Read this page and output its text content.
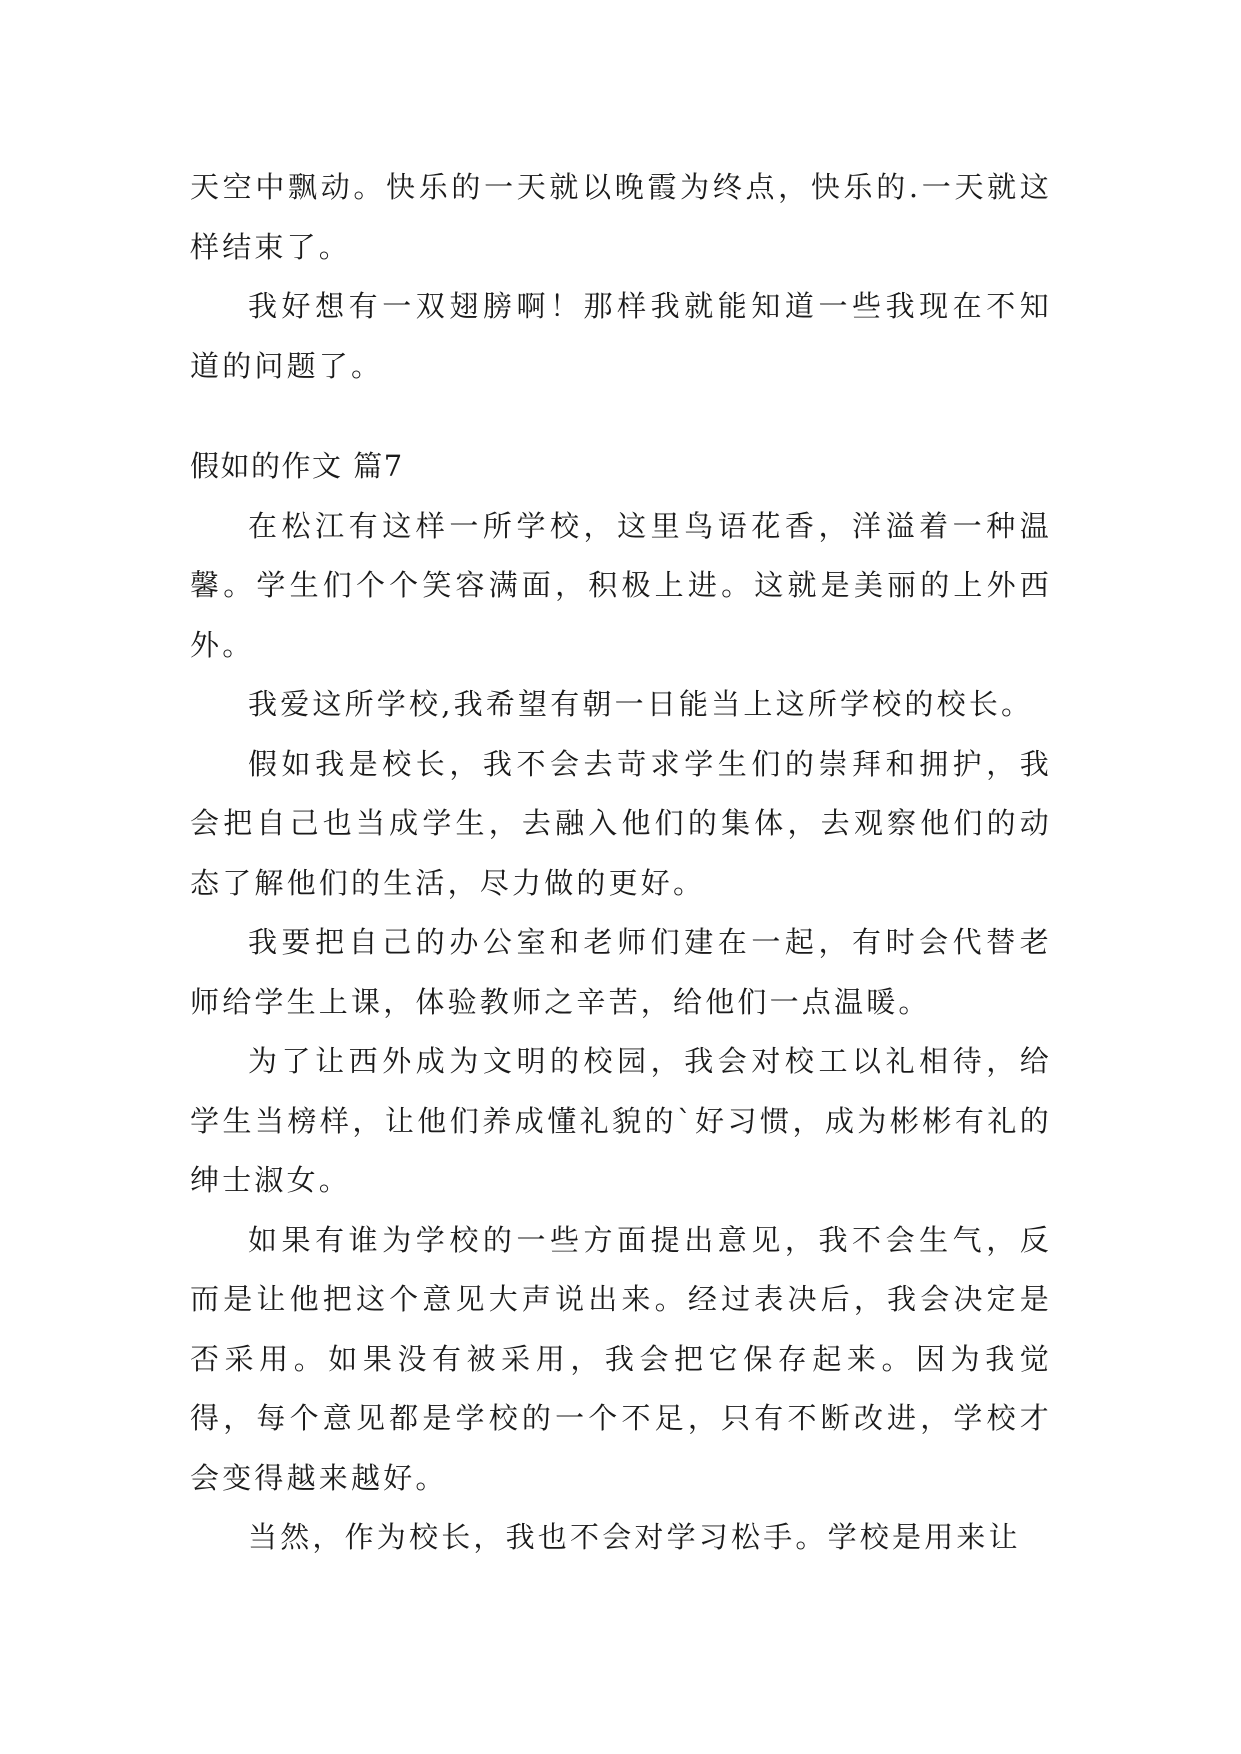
天空中飘动。快乐的一天就以晚霞为终点，快乐的.一天就这样结束了。

我好想有一双翅膀啊！那样我就能知道一些我现在不知道的问题了。

假如的作文 篇7

在松江有这样一所学校，这里鸟语花香，洋溢着一种温馨。学生们个个笑容满面，积极上进。这就是美丽的上外西外。

我爱这所学校,我希望有朝一日能当上这所学校的校长。

假如我是校长，我不会去苛求学生们的崇拜和拥护，我会把自己也当成学生，去融入他们的集体，去观察他们的动态了解他们的生活，尽力做的更好。

我要把自己的办公室和老师们建在一起，有时会代替老师给学生上课，体验教师之辛苦，给他们一点温暖。

为了让西外成为文明的校园，我会对校工以礼相待，给学生当榜样，让他们养成懂礼貌的`好习惯，成为彬彬有礼的绅士淑女。

如果有谁为学校的一些方面提出意见，我不会生气，反而是让他把这个意见大声说出来。经过表决后，我会决定是否采用。如果没有被采用，我会把它保存起来。因为我觉得，每个意见都是学校的一个不足，只有不断改进，学校才会变得越来越好。

当然，作为校长，我也不会对学习松手。学校是用来让
